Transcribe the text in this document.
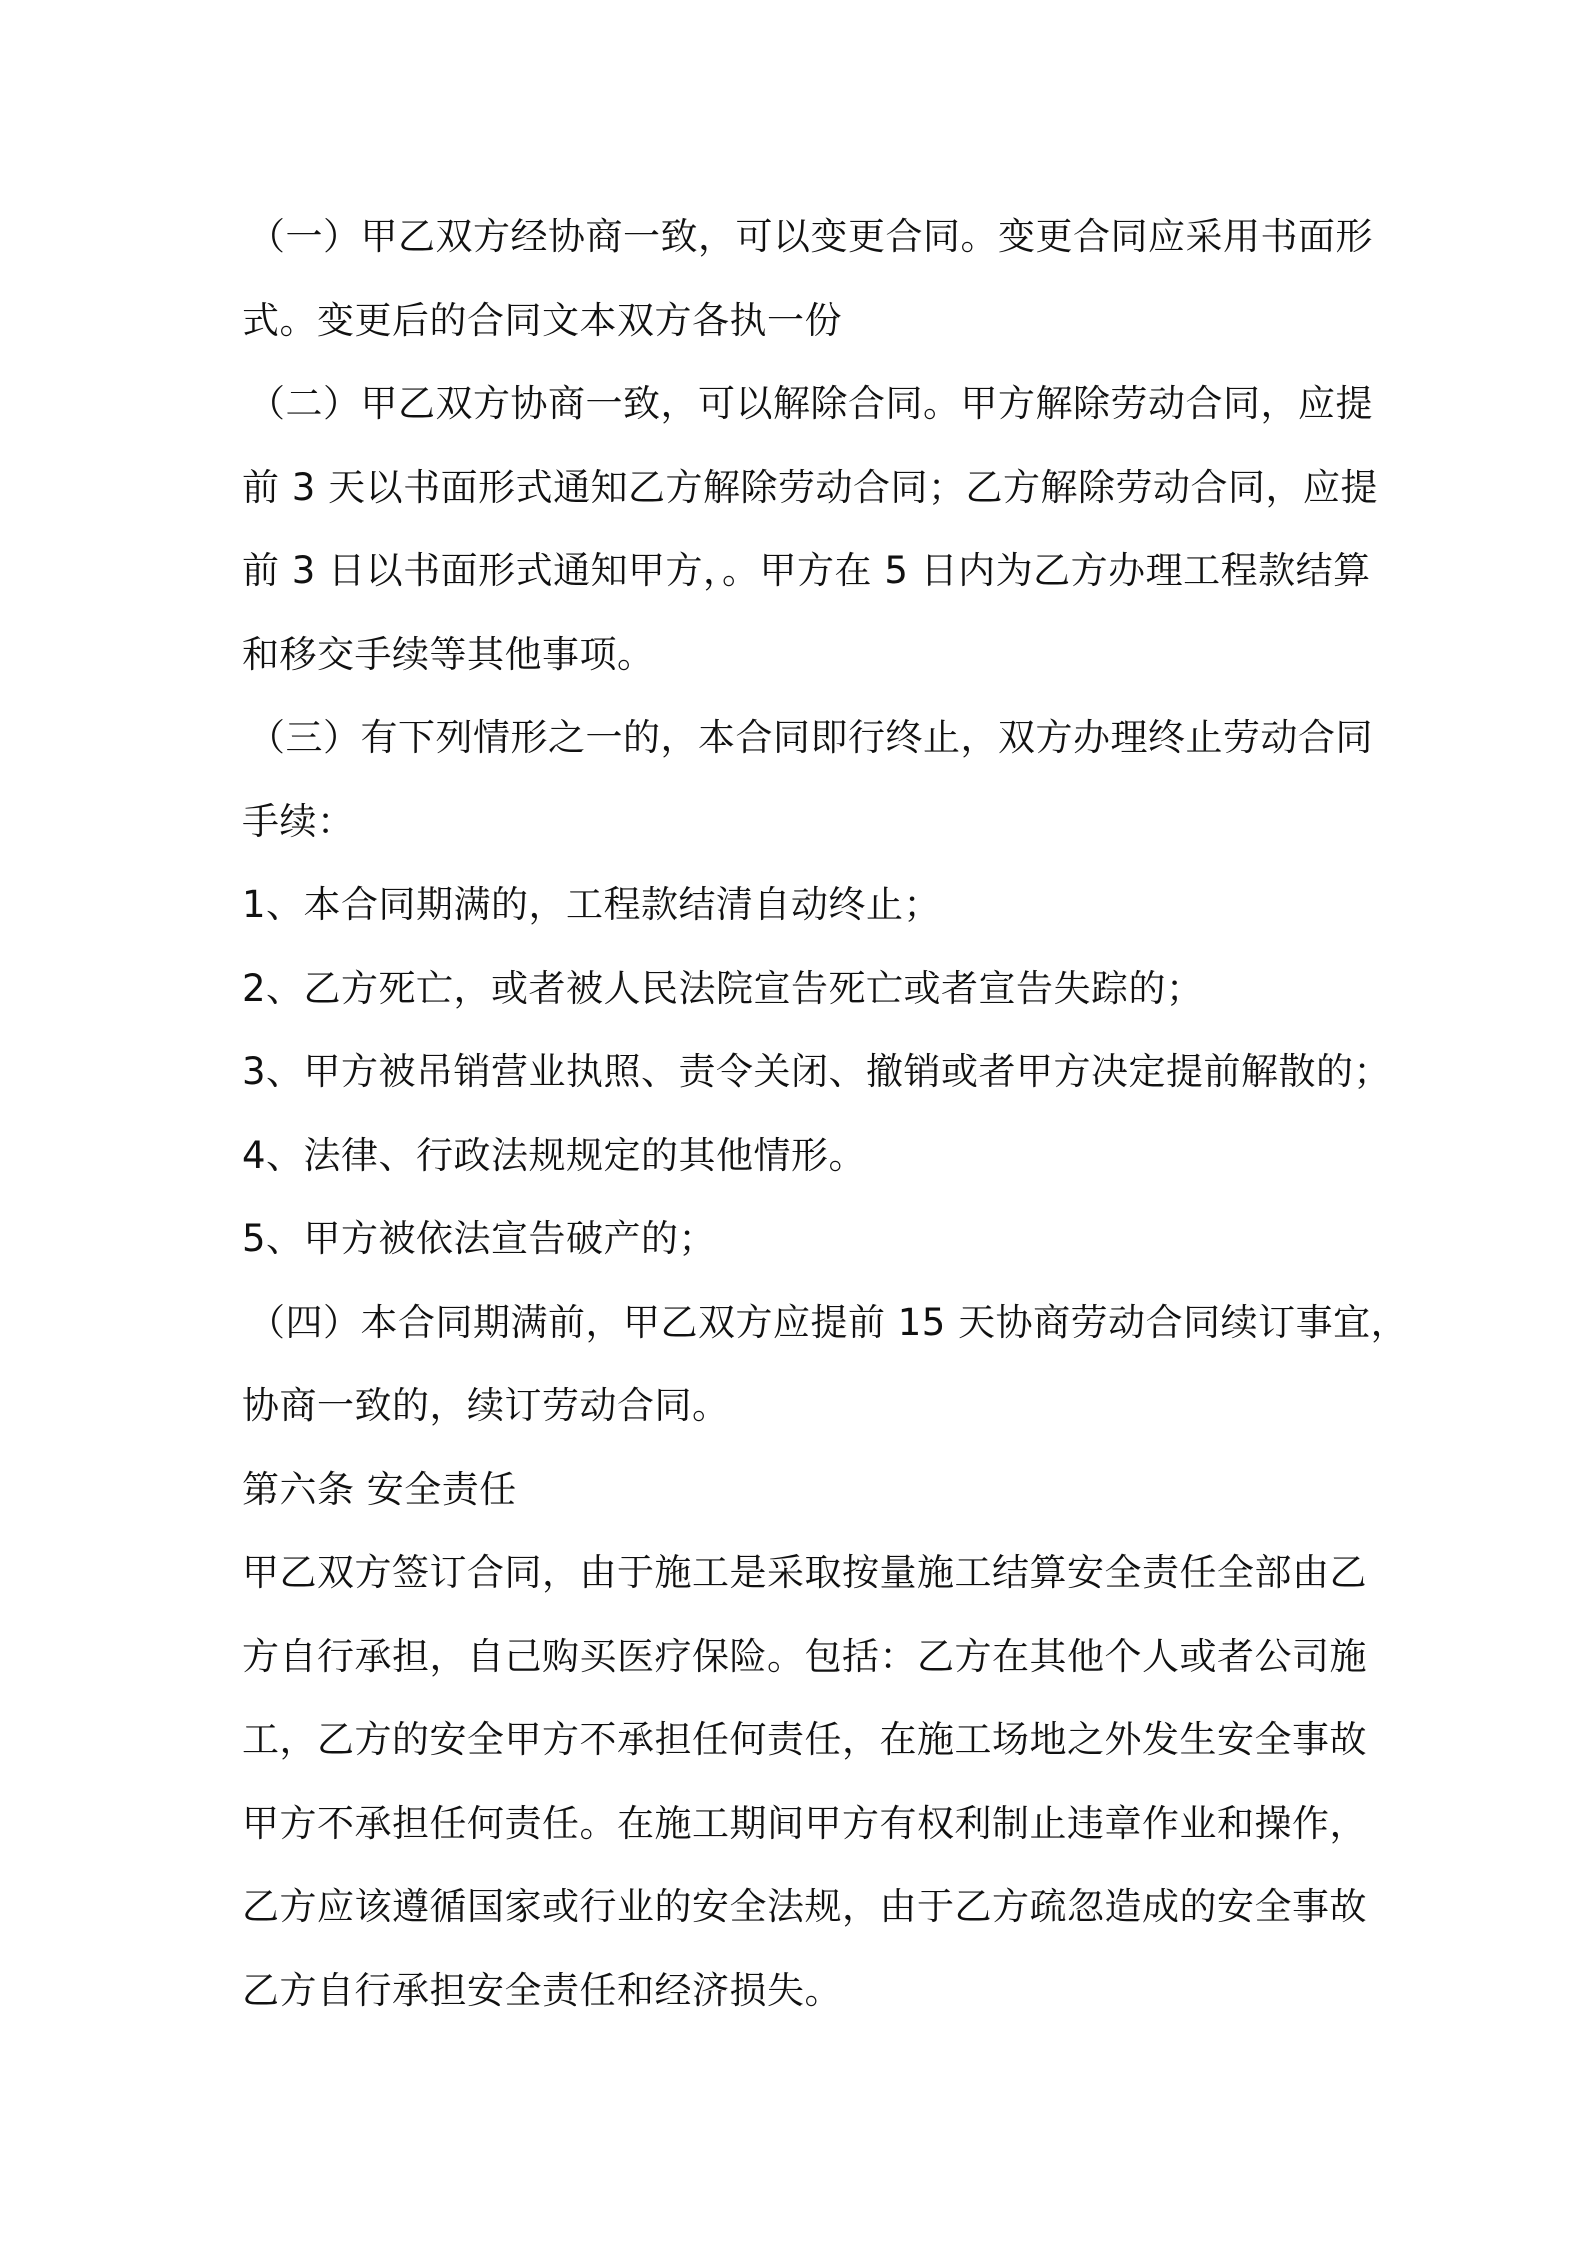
（一）甲乙双方经协商一致，可以变更合同。变更合同应采用书面形
式。变更后的合同文本双方各执一份
（二）甲乙双方协商一致，可以解除合同。甲方解除劳动合同，应提
前 3 天以书面形式通知乙方解除劳动合同；乙方解除劳动合同，应提
前 3 日以书面形式通知甲方，。甲方在 5 日内为乙方办理工程款结算
和移交手续等其他事项。
（三）有下列情形之一的，本合同即行终止，双方办理终止劳动合同
手续：
1、本合同期满的，工程款结清自动终止；
2、乙方死亡，或者被人民法院宣告死亡或者宣告失踪的；
3、甲方被吊销营业执照、责令关闭、撤销或者甲方决定提前解散的；
4、法律、行政法规规定的其他情形。
5、甲方被依法宣告破产的；
（四）本合同期满前，甲乙双方应提前 15 天协商劳动合同续订事宜，
协商一致的，续订劳动合同。
第六条 安全责任
甲乙双方签订合同，由于施工是采取按量施工结算安全责任全部由乙
方自行承担，自己购买医疗保险。包括：乙方在其他个人或者公司施
工，乙方的安全甲方不承担任何责任，在施工场地之外发生安全事故
甲方不承担任何责任。在施工期间甲方有权利制止违章作业和操作，
乙方应该遵循国家或行业的安全法规，由于乙方疏忽造成的安全事故
乙方自行承担安全责任和经济损失。
